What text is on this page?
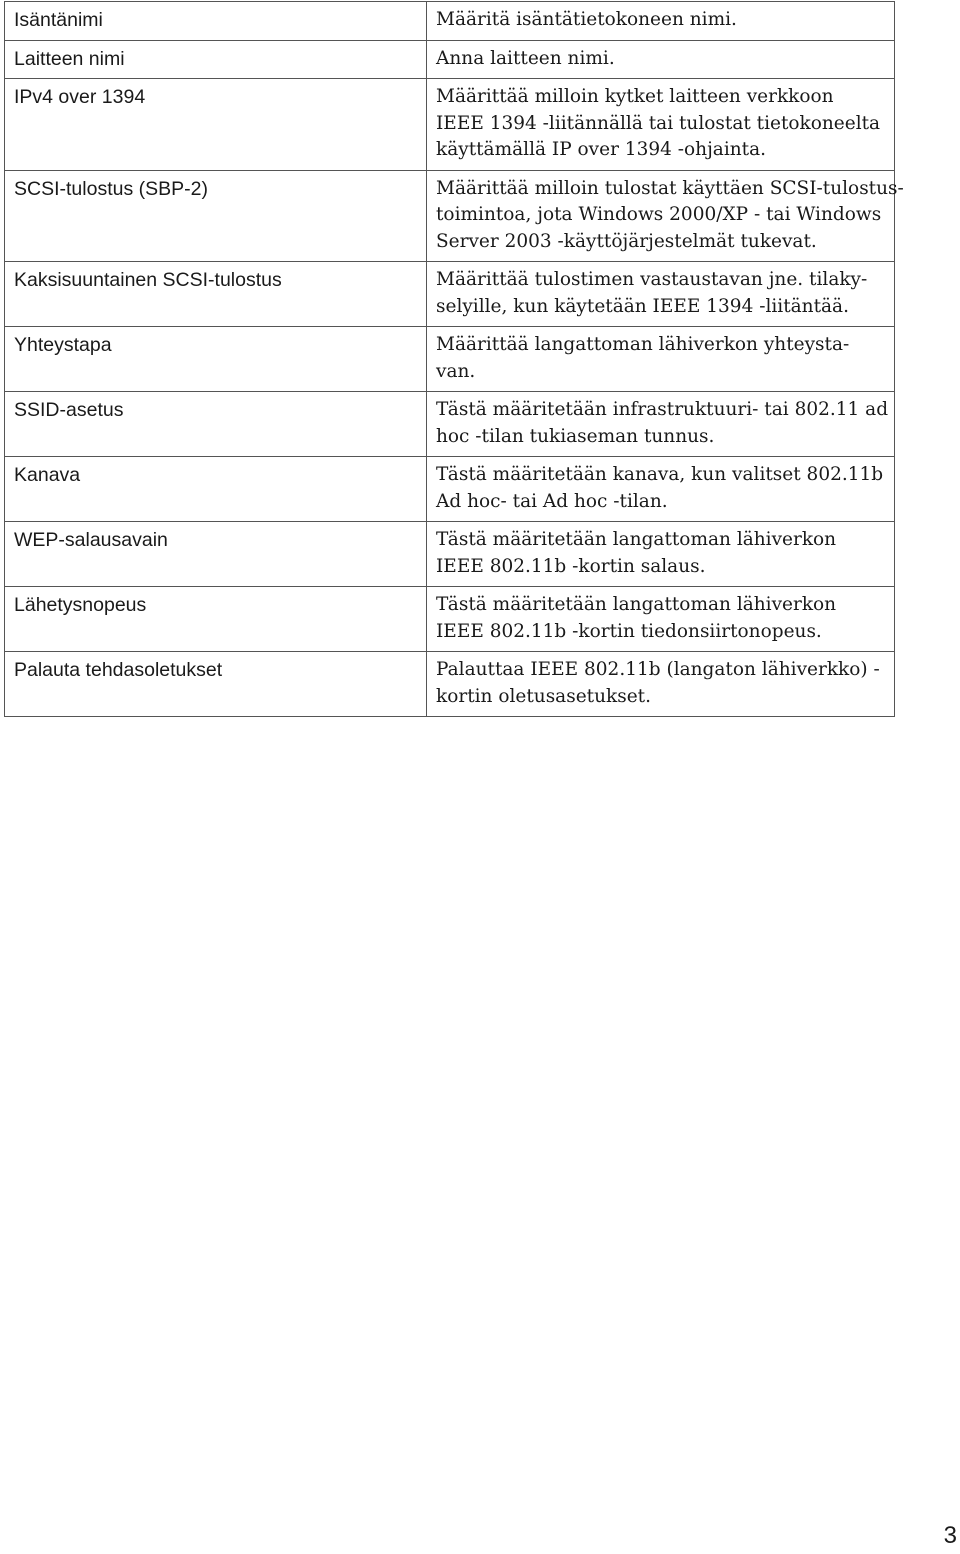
Isäntänimi	Määritä isäntätietokoneen nimi.

Laitteen nimi	Anna laitteen nimi.

IPv4 over 1394	Määrittää milloin kytket laitteen verkkoon
IEEE 1394 -liitännällä tai tulostat tietokoneelta
käyttämällä IP over 1394 -ohjainta.

SCSI-tulostus (SBP-2)	Määrittää milloin tulostat käyttäen SCSI-tulostus-
toimintoa, jota Windows 2000/XP - tai Windows
Server 2003 -käyttöjärjestelmät tukevat.

Kaksisuuntainen SCSI-tulostus	Määrittää tulostimen vastaustavan jne. tilaky-
selyille, kun käytetään IEEE 1394 -liitäntää.

Yhteystapa	Määrittää langattoman lähiverkon yhteysta-
van.

SSID-asetus	Tästä määritetään infrastruktuuri- tai 802.11 ad
hoc -tilan tukiaseman tunnus.

Kanava	Tästä määritetään kanava, kun valitset 802.11b
Ad hoc- tai Ad hoc -tilan.

WEP-salausavain	Tästä määritetään langattoman lähiverkon
IEEE 802.11b -kortin salaus.

Lähetysnopeus	Tästä määritetään langattoman lähiverkon
IEEE 802.11b -kortin tiedonsiirtonopeus.

Palauta tehdasoletukset	Palauttaa IEEE 802.11b (langaton lähiverkko) -
kortin oletusasetukset.
3
